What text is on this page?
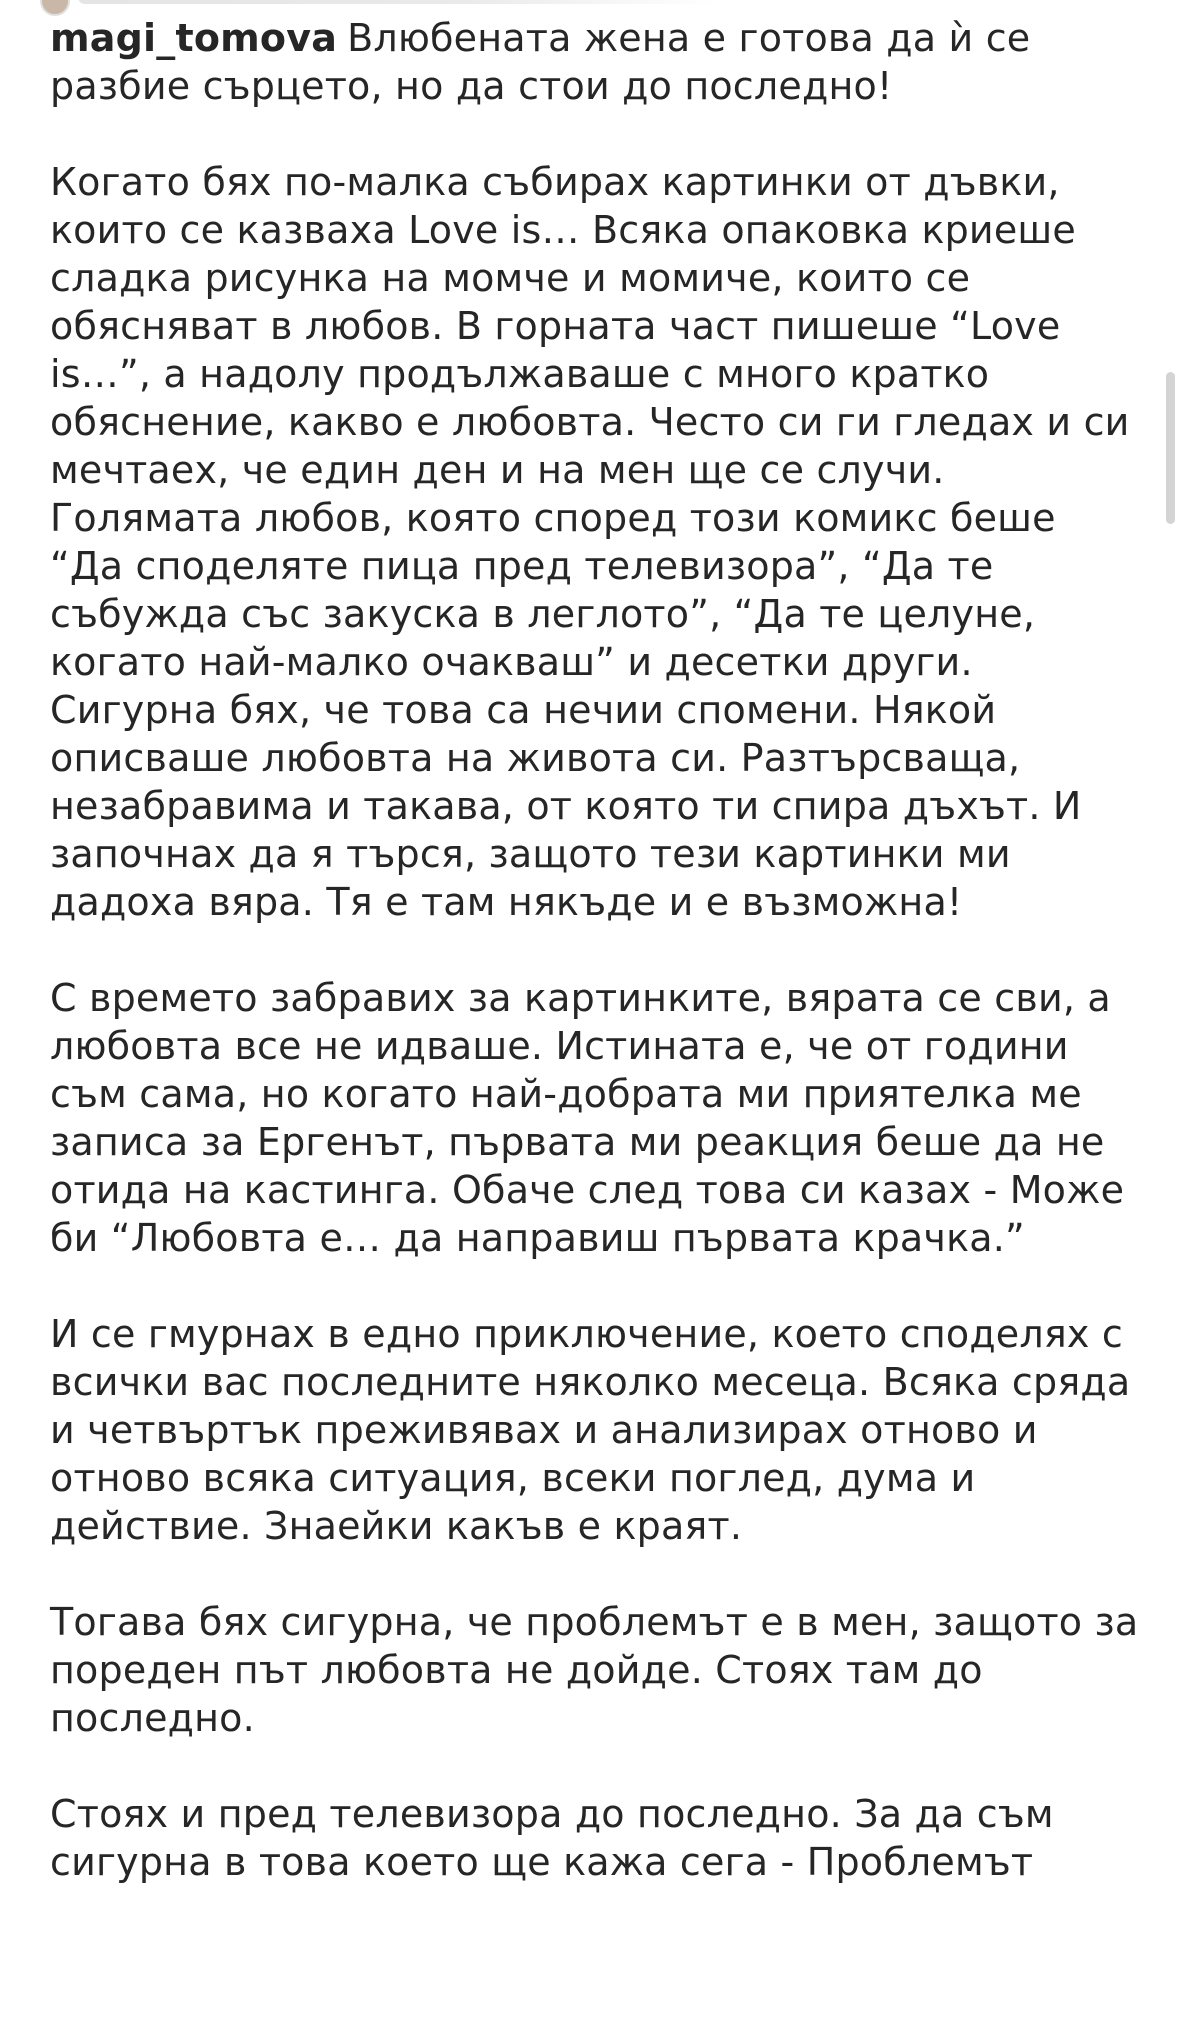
magi_tomova Влюбената жена е готова да ѝ се разбие сърцето, но да стои до последно!

Когато бях по-малка събирах картинки от дъвки, които се казваха Love is… Всяка опаковка криеше сладка рисунка на момче и момиче, които се обясняват в любов. В горната част пишеше “Love is…”, а надолу продължаваше с много кратко обяснение, какво е любовта. Често си ги гледах и си мечтаех, че един ден и на мен ще се случи. Голямата любов, която според този комикс беше “Да споделяте пица пред телевизора”, “Да те събужда със закуска в леглото”, “Да те целуне, когато най-малко очакваш” и десетки други. Сигурна бях, че това са нечии спомени. Някой описваше любовта на живота си. Разтърсваща, незабравима и такава, от която ти спира дъхът. И започнах да я търся, защото тези картинки ми дадоха вяра. Тя е там някъде и е възможна!

С времето забравих за картинките, вярата се сви, а любовта все не идваше. Истината е, че от години съм сама, но когато най-добрата ми приятелка ме записа за Ергенът, първата ми реакция беше да не отида на кастинга. Обаче след това си казах - Може би “Любовта е… да направиш първата крачка.”

И се гмурнах в едно приключение, което споделях с всички вас последните няколко месеца. Всяка сряда и четвъртък преживявах и анализирах отново и отново всяка ситуация, всеки поглед, дума и действие. Знаейки какъв е краят.

Тогава бях сигурна, че проблемът е в мен, защото за пореден път любовта не дойде. Стоях там до последно.

Стоях и пред телевизора до последно. За да съм сигурна в това което ще кажа сега - Проблемът
